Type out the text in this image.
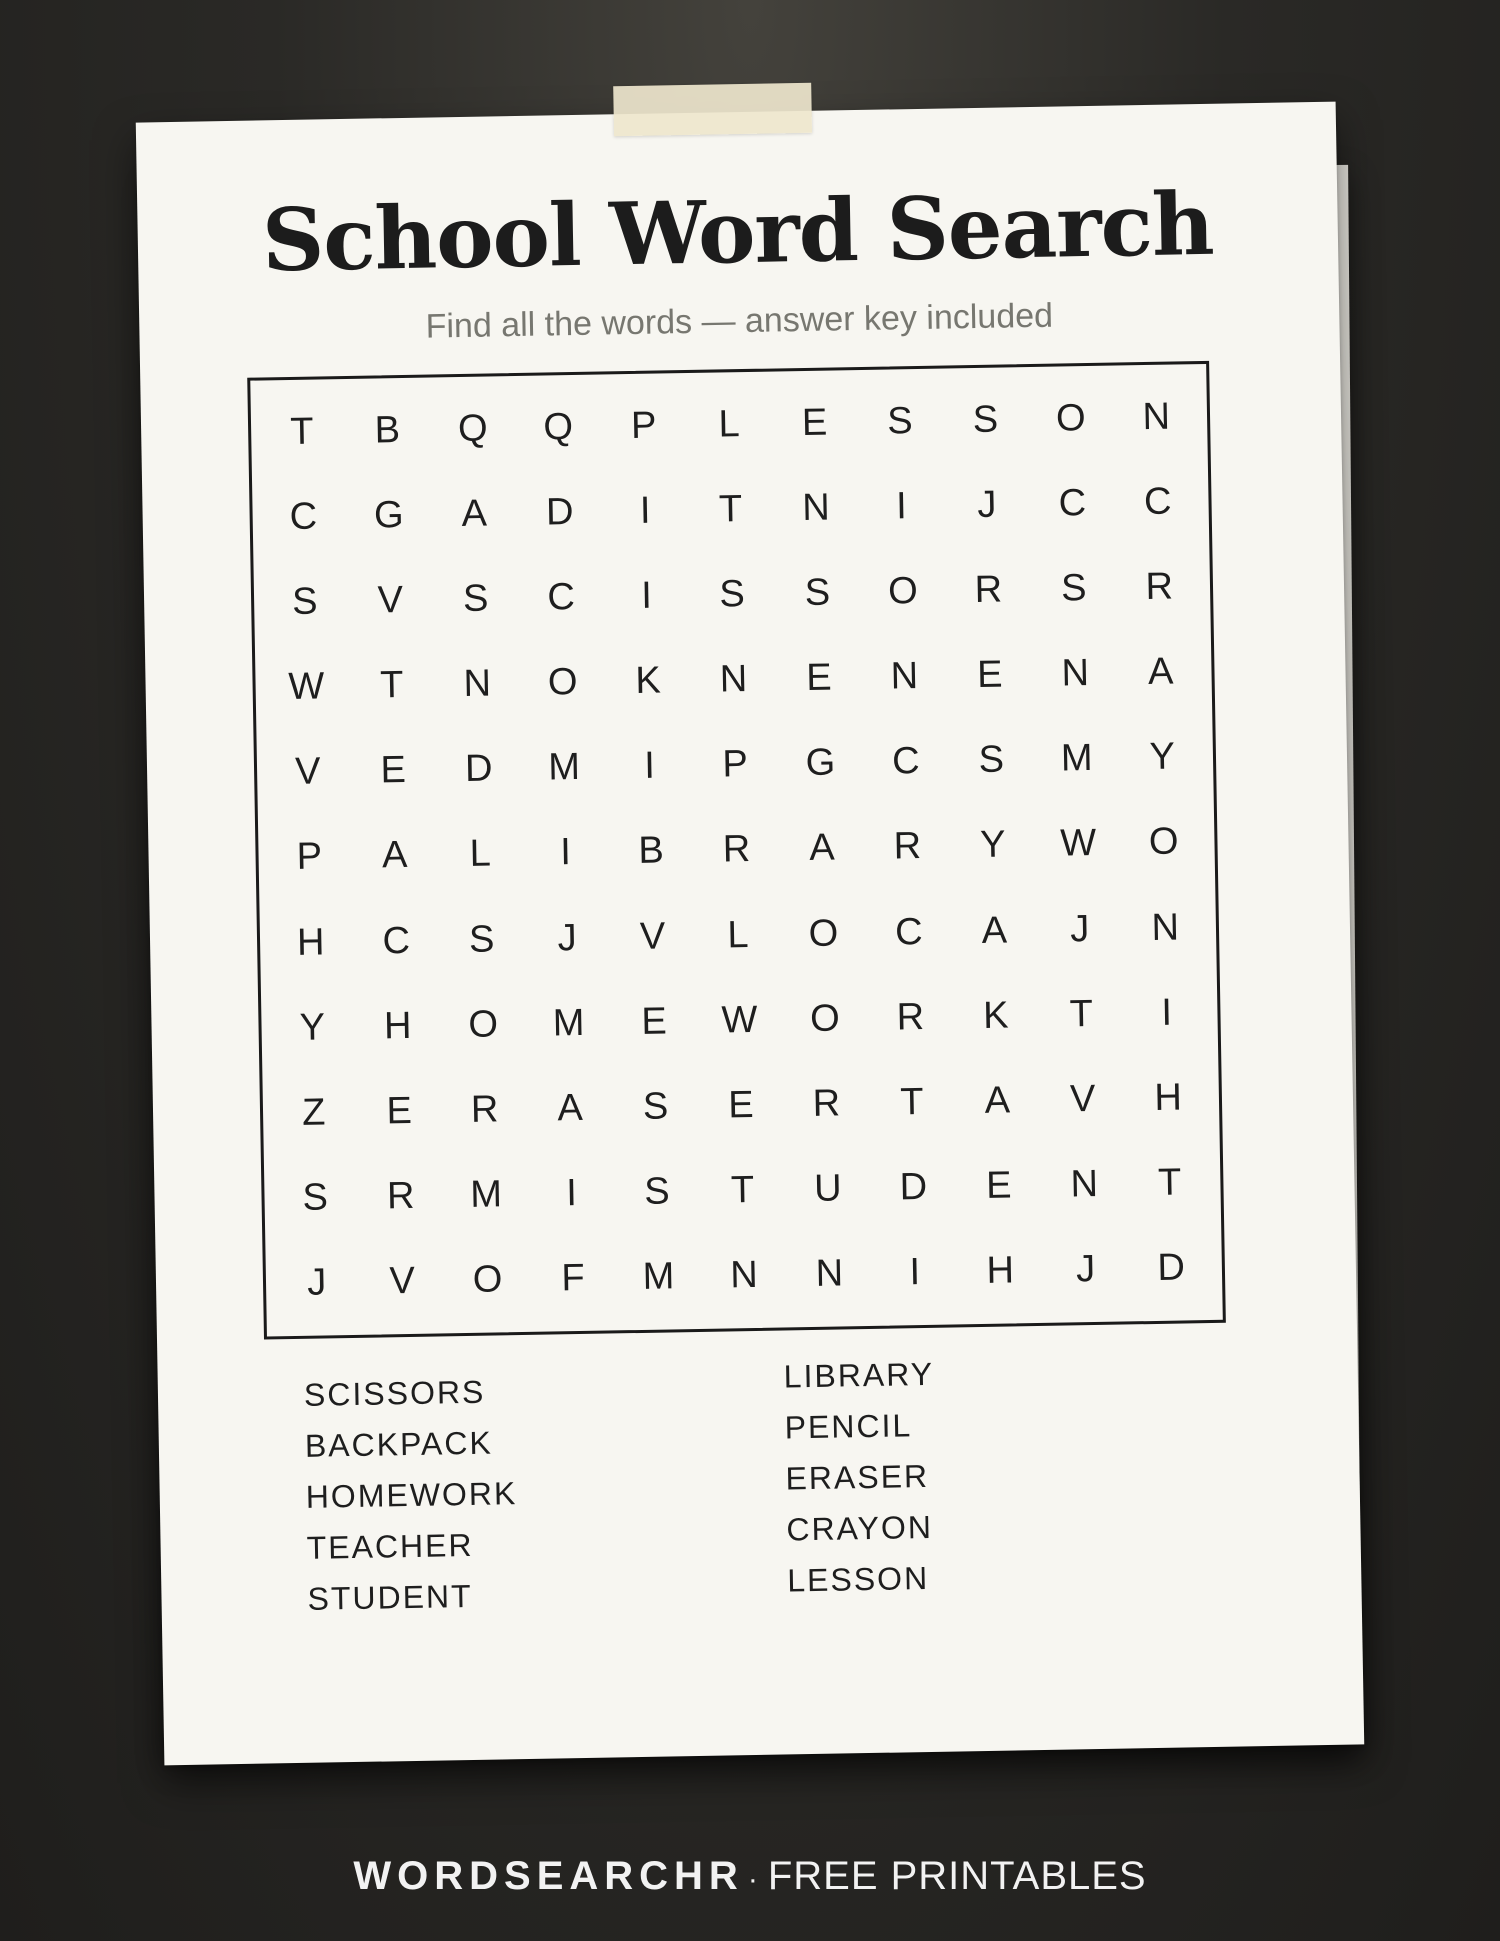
School Word Search
Find all the words — answer key included
T	B	Q	Q	P	L	E	S	S	O	N
C	G	A	D	I	T	N	I	J	C	C
S	V	S	C	I	S	S	O	R	S	R
W	T	N	O	K	N	E	N	E	N	A
V	E	D	M	I	P	G	C	S	M	Y
P	A	L	I	B	R	A	R	Y	W	O
H	C	S	J	V	L	O	C	A	J	N
Y	H	O	M	E	W	O	R	K	T	I
Z	E	R	A	S	E	R	T	A	V	H
S	R	M	I	S	T	U	D	E	N	T
J	V	O	F	M	N	N	I	H	J	D
SCISSORS
BACKPACK
HOMEWORK
TEACHER
STUDENT
LIBRARY
PENCIL
ERASER
CRAYON
LESSON
WORDSEARCHR · FREE PRINTABLES
